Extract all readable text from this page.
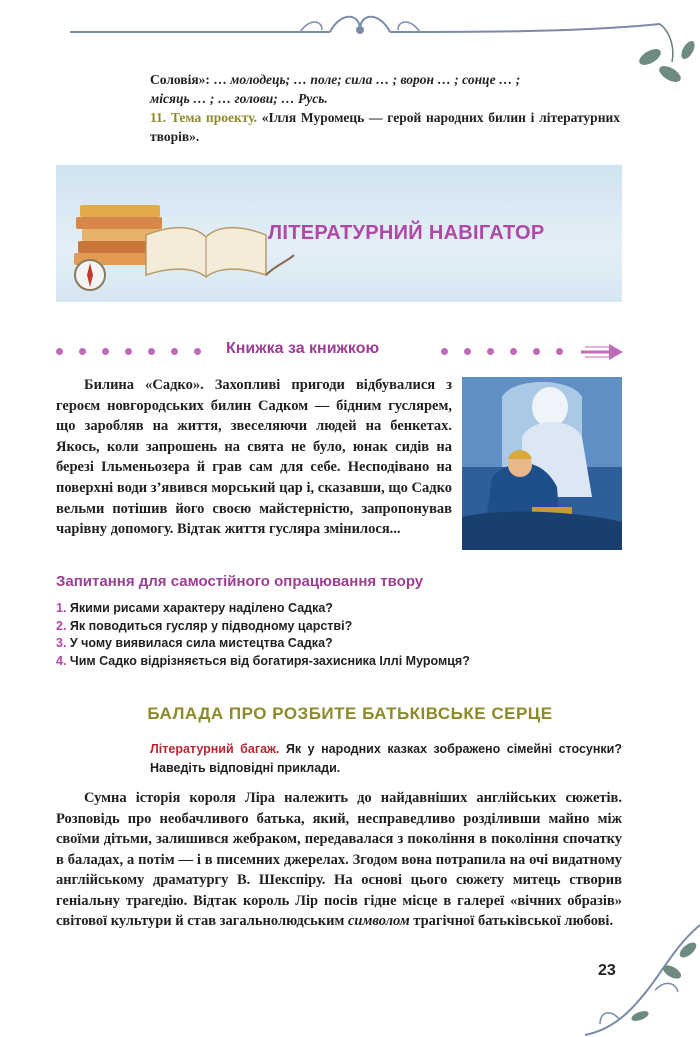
Соловія»: … молодець; … поле; сила … ; ворон … ; сонце … ;
місяць … ; … голови; … Русь.
11. Тема проекту. «Ілля Муромець — герой народних билин і літературних творів».
ЛІТЕРАТУРНИЙ НАВІГАТОР
Книжка за книжкою
Билина «Садко». Захопливі пригоди відбувалися з героєм новгородських билин Садком — бідним гуслярем, що заробляв на життя, звеселяючи людей на бенкетах. Якось, коли запрошень на свята не було, юнак сидів на березі Ільменьозера й грав сам для себе. Несподівано на поверхні води з’явився морський цар і, сказавши, що Садко вельми потішив його своєю майстерністю, запропонував чарівну допомогу. Відтак життя гусляра змінилося...
Запитання для самостійного опрацювання твору
1. Якими рисами характеру наділено Садка?
2. Як поводиться гусляр у підводному царстві?
3. У чому виявилася сила мистецтва Садка?
4. Чим Садко відрізняється від богатиря-захисника Іллі Муромця?
БАЛАДА ПРО РОЗБИТЕ БАТЬКІВСЬКЕ СЕРЦЕ
Літературний багаж. Як у народних казках зображено сімейні стосунки? Наведіть відповідні приклади.
Сумна історія короля Ліра належить до найдавніших англійських сюжетів. Розповідь про необачливого батька, який, несправедливо розділивши майно між своїми дітьми, залишився жебраком, передавалася з покоління в покоління спочатку в баладах, а потім — і в писемних джерелах. Згодом вона потрапила на очі видатному англійському драматургу В. Шекспіру. На основі цього сюжету митець створив геніальну трагедію. Відтак король Лір посів гідне місце в галереї «вічних образів» світової культури й став загальнолюдським символом трагічної батьківської любові.
23
